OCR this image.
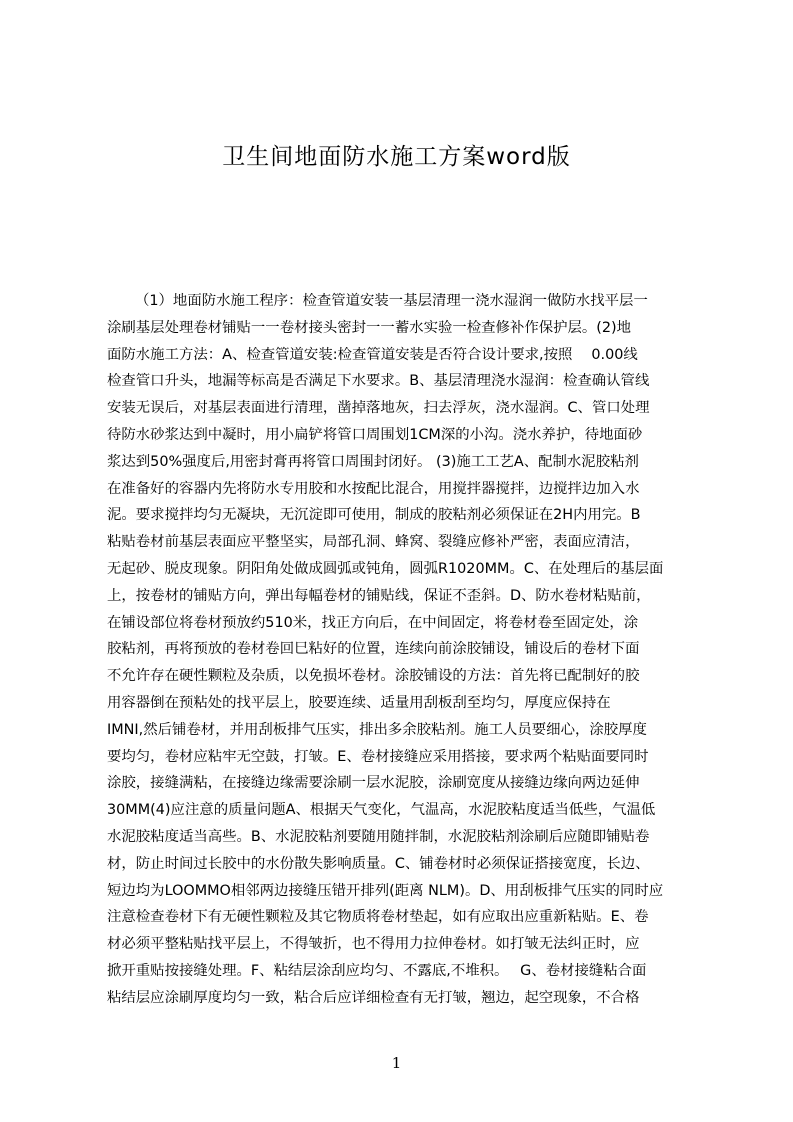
卫生间地面防水施工方案word版
（1）地面防水施工程序：检查管道安装一基层清理一浇水湿润一做防水找平层一
涂刷基层处理卷材铺贴一一卷材接头密封一一蓄水实验一检查修补作保护层。(2)地
面防水施工方法：A、检查管道安装:检查管道安装是否符合设计要求,按照　 0.00线
检查管口升头，地漏等标高是否满足下水要求。B、基层清理浇水湿润：检查确认管线
安装无误后，对基层表面进行清理，凿掉落地灰，扫去浮灰，浇水湿润。C、管口处理
待防水砂浆达到中凝时，用小扁铲将管口周围划1CM深的小沟。浇水养护，待地面砂
浆达到50%强度后,用密封膏再将管口周围封闭好。 (3)施工工艺A、配制水泥胶粘剂
在准备好的容器内先将防水专用胶和水按配比混合，用搅拌器搅拌，边搅拌边加入水
泥。要求搅拌均匀无凝块，无沉淀即可使用，制成的胶粘剂必须保证在2H内用完。B
粘贴卷材前基层表面应平整坚实，局部孔洞、蜂窝、裂缝应修补严密，表面应清洁，
无起砂、脱皮现象。阴阳角处做成圆弧或钝角，圆弧R1020MM。C、在处理后的基层面
上，按卷材的铺贴方向，弹出每幅卷材的铺贴线，保证不歪斜。D、防水卷材粘贴前，
在铺设部位将卷材预放约510米，找正方向后，在中间固定，将卷材卷至固定处，涂
胶粘剂，再将预放的卷材卷回巳粘好的位置，连续向前涂胶铺设，铺设后的卷材下面
不允许存在硬性颗粒及杂质，以免损坏卷材。涂胶铺设的方法：首先将已配制好的胶
用容器倒在预粘处的找平层上，胶要连续、适量用刮板刮至均匀，厚度应保持在
IMNI,然后铺卷材，并用刮板排气压实，排出多余胶粘剂。施工人员要细心，涂胶厚度
要均匀，卷材应粘牢无空鼓，打皱。E、卷材接缝应采用搭接，要求两个粘贴面要同时
涂胶，接缝满粘，在接缝边缘需要涂刷一层水泥胶，涂刷宽度从接缝边缘向两边延伸
30MM(4)应注意的质量问题A、根据天气变化，气温高，水泥胶粘度适当低些，气温低
水泥胶粘度适当高些。B、水泥胶粘剂要随用随拌制，水泥胶粘剂涂刷后应随即铺贴卷
材，防止时间过长胶中的水份散失影响质量。C、铺卷材时必须保证搭接宽度，长边、
短边均为LOOMMO相邻两边接缝压错开排列(距离 NLM)。D、用刮板排气压实的同时应
注意检查卷材下有无硬性颗粒及其它物质将卷材垫起，如有应取出应重新粘贴。E、卷
材必须平整粘贴找平层上，不得皱折，也不得用力拉伸卷材。如打皱无法纠正时，应
掀开重贴按接缝处理。F、粘结层涂刮应均匀、不露底,不堆积。　 G、卷材接缝粘合面
粘结层应涂刷厚度均匀一致，粘合后应详细检查有无打皱，翘边，起空现象，不合格
1
